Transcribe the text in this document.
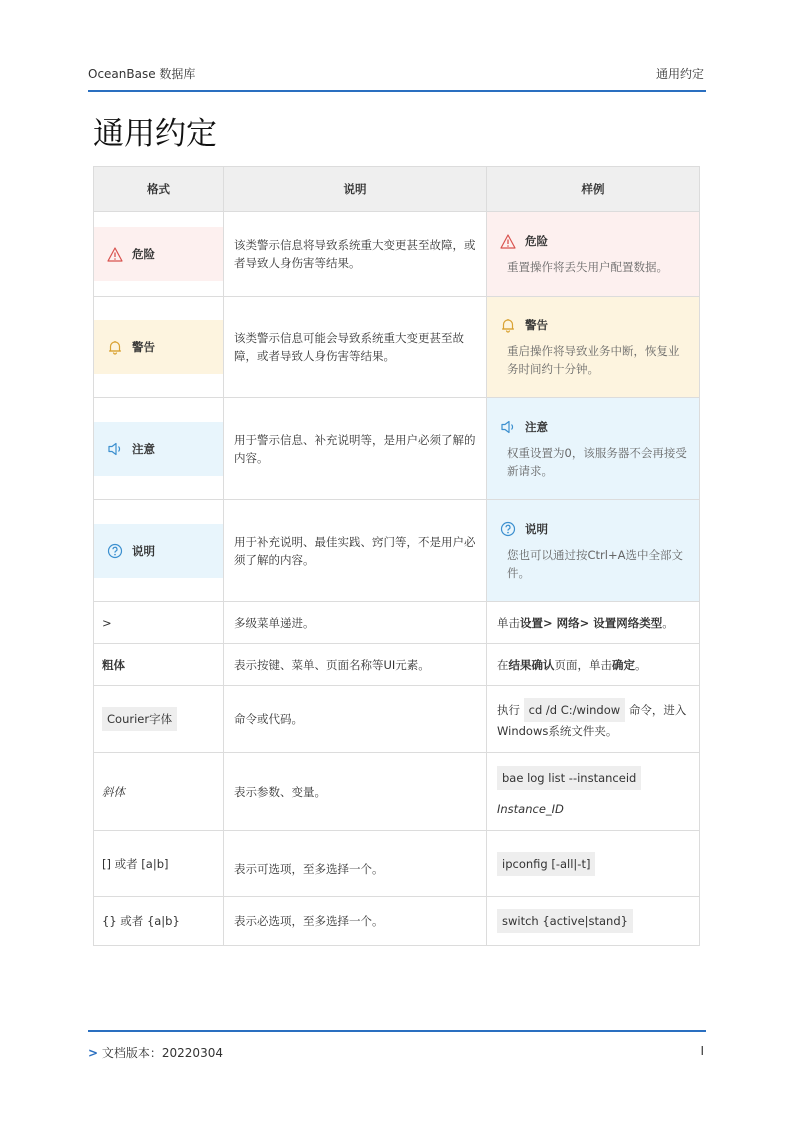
OceanBase 数据库	通用约定
通用约定
格式	说明	样例

危险	该类警示信息将导致系统重大变更甚至故障，或者导致人身伤害等结果。	危险
重置操作将丢失用户配置数据。

警告	该类警示信息可能会导致系统重大变更甚至故障，或者导致人身伤害等结果。	警告
重启操作将导致业务中断，恢复业务时间约十分钟。

注意	用于警示信息、补充说明等，是用户必须了解的内容。	注意
权重设置为0，该服务器不会再接受新请求。

说明	用于补充说明、最佳实践、窍门等，不是用户必须了解的内容。	说明
您也可以通过按Ctrl+A选中全部文件。

>	多级菜单递进。	单击设置> 网络> 设置网络类型。

粗体	表示按键、菜单、页面名称等UI元素。	在结果确认页面，单击确定。

Courier字体	命令或代码。	执行 cd /d C:/window 命令，进入Windows系统文件夹。

斜体	表示参数、变量。	bae log list --instanceid
Instance_ID

[] 或者 [a|b]	表示可选项，至多选择一个。	ipconfig [-all|-t]

{} 或者 {a|b}	表示必选项，至多选择一个。	switch {active|stand}
> 文档版本：20220304	I
